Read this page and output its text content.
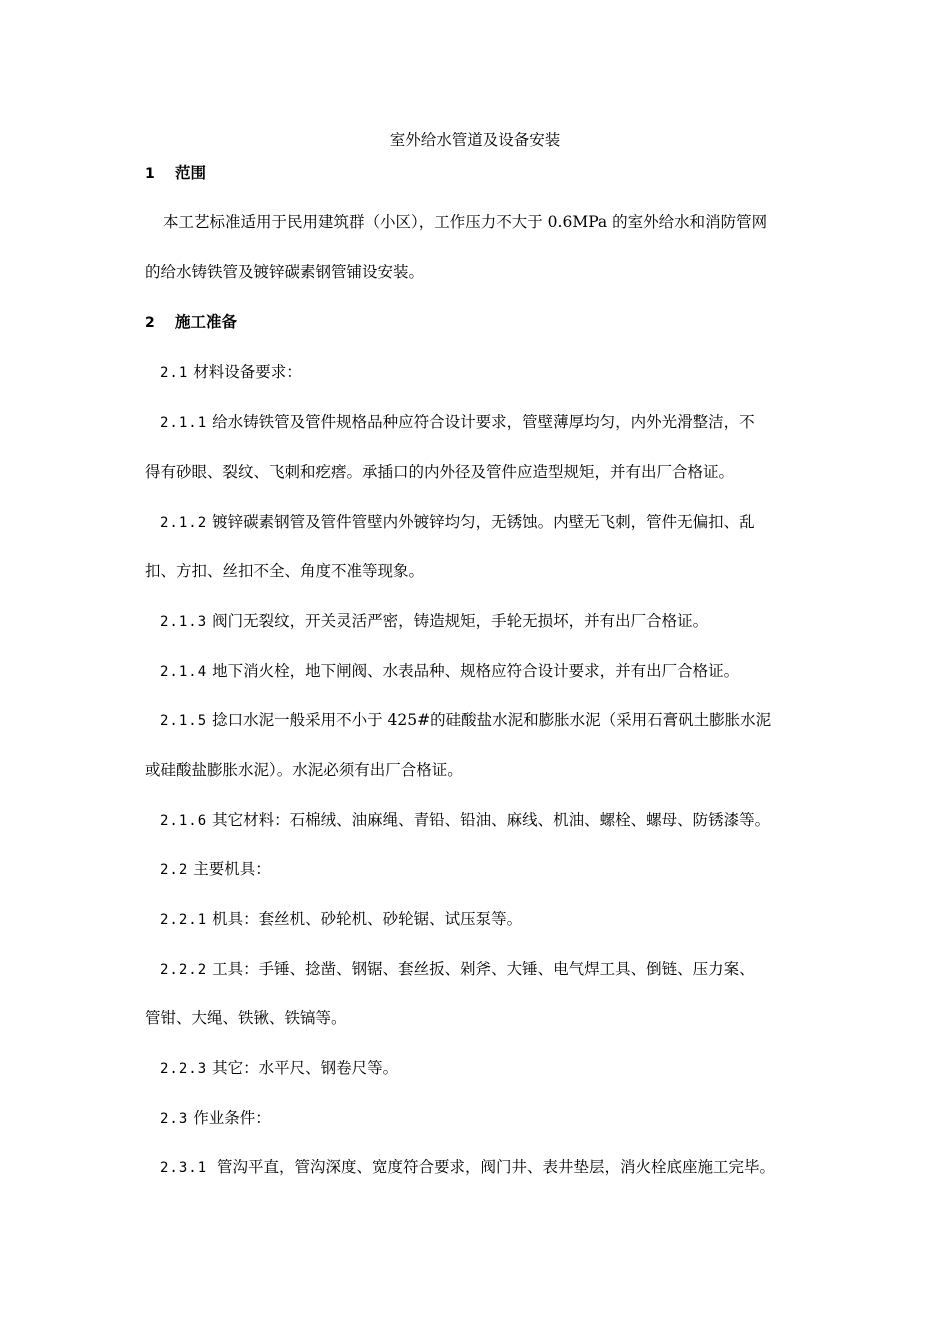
室外给水管道及设备安装
1 范围
本工艺标准适用于民用建筑群（小区），工作压力不大于 0.6MPa 的室外给水和消防管网
的给水铸铁管及镀锌碳素钢管铺设安装。
2 施工准备
2.1 材料设备要求：
2.1.1 给水铸铁管及管件规格品种应符合设计要求，管壁薄厚均匀，内外光滑整洁，不
得有砂眼、裂纹、飞刺和疙瘩。承插口的内外径及管件应造型规矩，并有出厂合格证。
2.1.2 镀锌碳素钢管及管件管壁内外镀锌均匀，无锈蚀。内壁无飞刺，管件无偏扣、乱
扣、方扣、丝扣不全、角度不准等现象。
2.1.3 阀门无裂纹，开关灵活严密，铸造规矩，手轮无损坏，并有出厂合格证。
2.1.4 地下消火栓，地下闸阀、水表品种、规格应符合设计要求，并有出厂合格证。
2.1.5 捻口水泥一般采用不小于 425#的硅酸盐水泥和膨胀水泥（采用石膏矾土膨胀水泥
或硅酸盐膨胀水泥）。水泥必须有出厂合格证。
2.1.6 其它材料：石棉绒、油麻绳、青铅、铅油、麻线、机油、螺栓、螺母、防锈漆等。
2.2 主要机具：
2.2.1 机具：套丝机、砂轮机、砂轮锯、试压泵等。
2.2.2 工具：手锤、捻凿、钢锯、套丝扳、剁斧、大锤、电气焊工具、倒链、压力案、
管钳、大绳、铁锹、铁镐等。
2.2.3 其它：水平尺、钢卷尺等。
2.3 作业条件：
2.3.1  管沟平直，管沟深度、宽度符合要求，阀门井、表井垫层，消火栓底座施工完毕。
